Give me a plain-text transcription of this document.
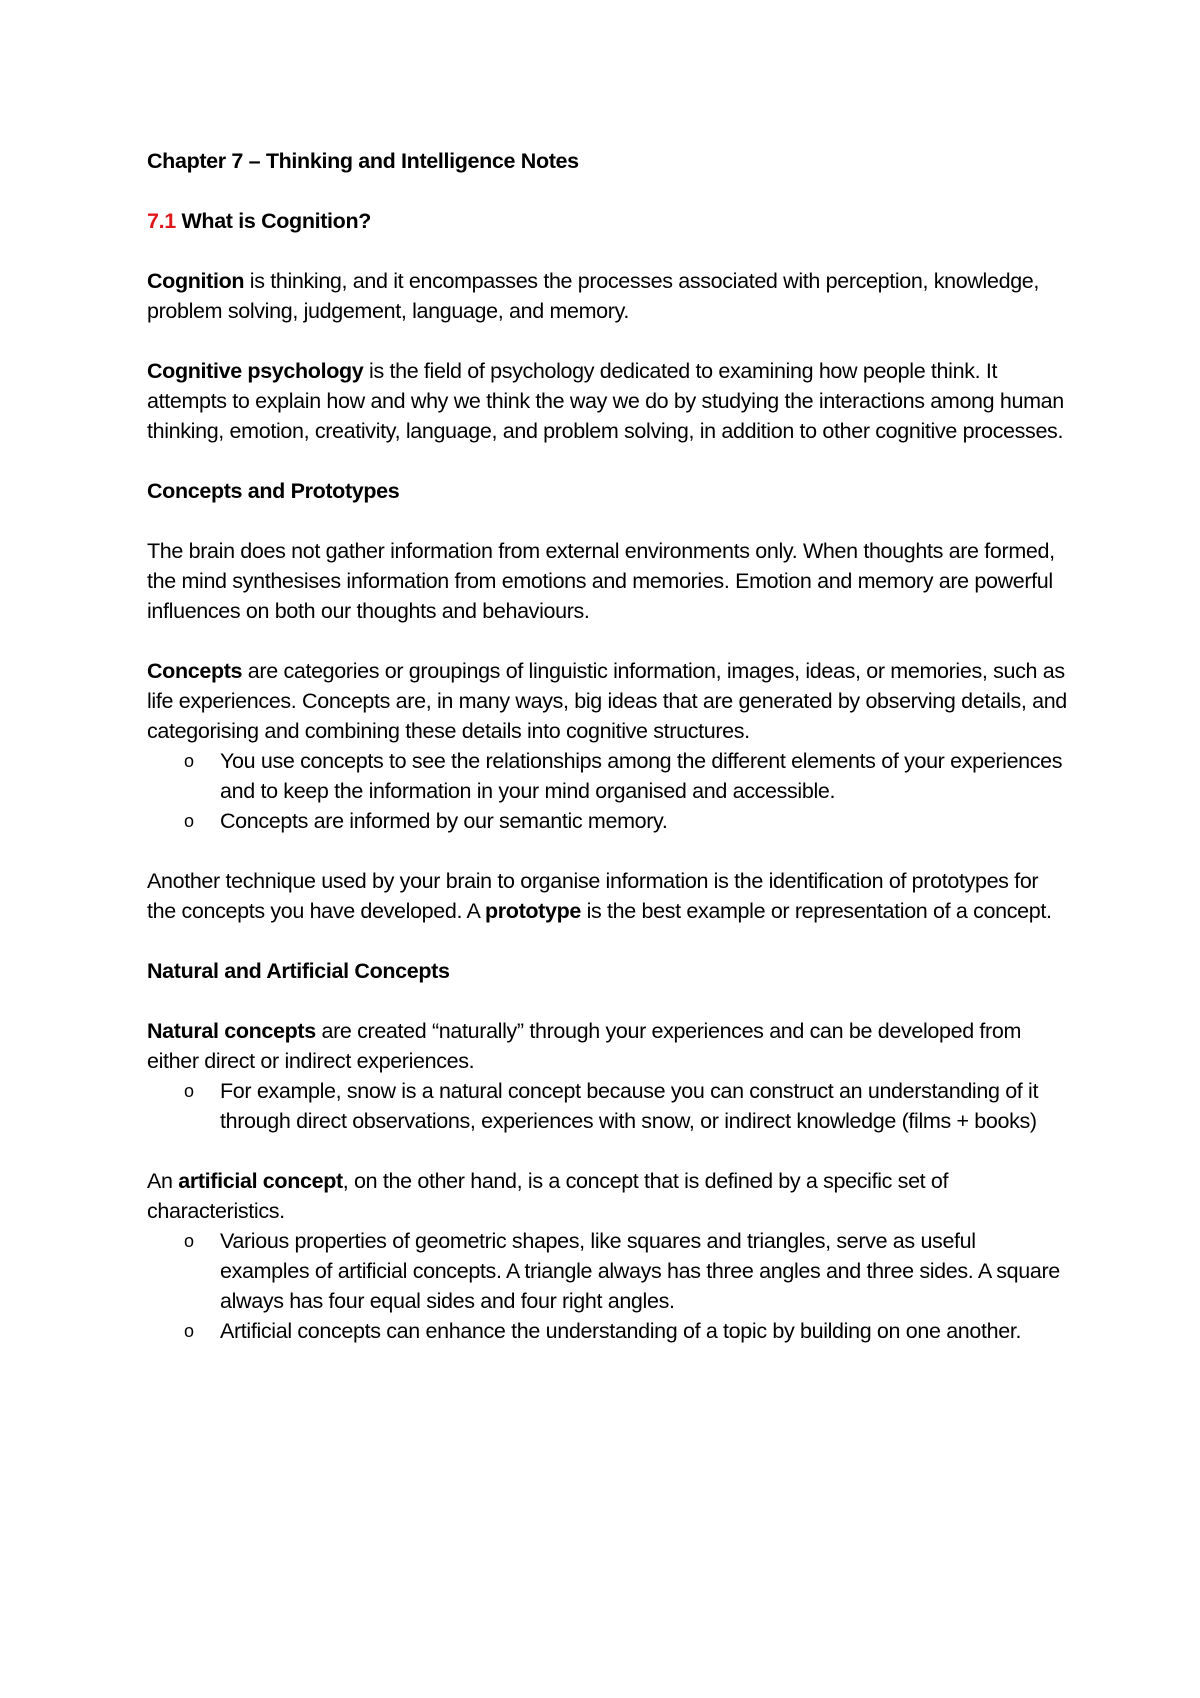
Chapter 7 – Thinking and Intelligence Notes

7.1 What is Cognition?

Cognition is thinking, and it encompasses the processes associated with perception, knowledge, problem solving, judgement, language, and memory.

Cognitive psychology is the field of psychology dedicated to examining how people think. It attempts to explain how and why we think the way we do by studying the interactions among human thinking, emotion, creativity, language, and problem solving, in addition to other cognitive processes.

Concepts and Prototypes

The brain does not gather information from external environments only. When thoughts are formed, the mind synthesises information from emotions and memories. Emotion and memory are powerful influences on both our thoughts and behaviours.

Concepts are categories or groupings of linguistic information, images, ideas, or memories, such as life experiences. Concepts are, in many ways, big ideas that are generated by observing details, and categorising and combining these details into cognitive structures.

o You use concepts to see the relationships among the different elements of your experiences and to keep the information in your mind organised and accessible.
o Concepts are informed by our semantic memory.

Another technique used by your brain to organise information is the identification of prototypes for the concepts you have developed. A prototype is the best example or representation of a concept.

Natural and Artificial Concepts

Natural concepts are created “naturally” through your experiences and can be developed from either direct or indirect experiences.

o For example, snow is a natural concept because you can construct an understanding of it through direct observations, experiences with snow, or indirect knowledge (films + books)

An artificial concept, on the other hand, is a concept that is defined by a specific set of characteristics.

o Various properties of geometric shapes, like squares and triangles, serve as useful examples of artificial concepts. A triangle always has three angles and three sides. A square always has four equal sides and four right angles.
o Artificial concepts can enhance the understanding of a topic by building on one another.
